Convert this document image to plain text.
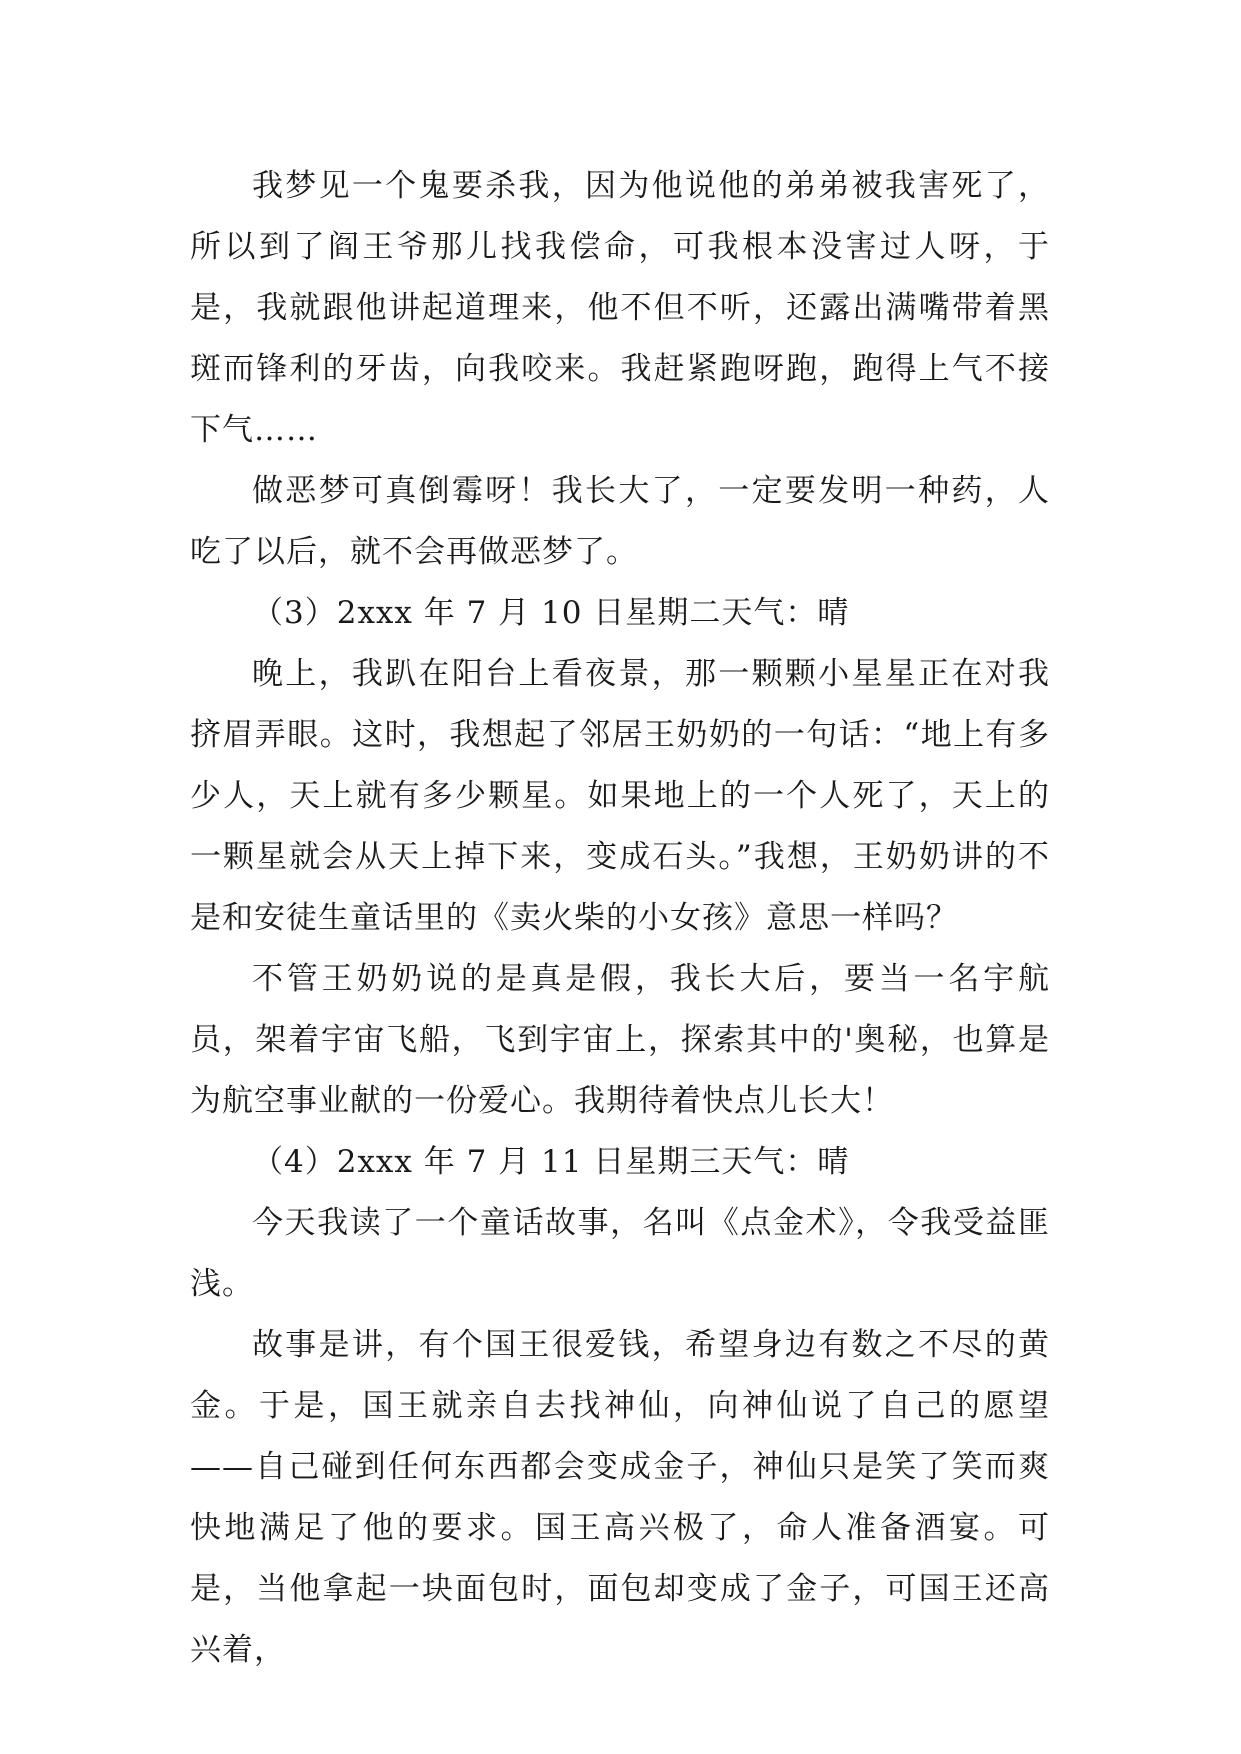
我梦见一个鬼要杀我，因为他说他的弟弟被我害死了，所以到了阎王爷那儿找我偿命，可我根本没害过人呀，于是，我就跟他讲起道理来，他不但不听，还露出满嘴带着黑斑而锋利的牙齿，向我咬来。我赶紧跑呀跑，跑得上气不接下气……

做恶梦可真倒霉呀！我长大了，一定要发明一种药，人吃了以后，就不会再做恶梦了。

（3）2xxx 年 7 月 10 日星期二天气：晴

晚上，我趴在阳台上看夜景，那一颗颗小星星正在对我挤眉弄眼。这时，我想起了邻居王奶奶的一句话：“地上有多少人，天上就有多少颗星。如果地上的一个人死了，天上的一颗星就会从天上掉下来，变成石头。”我想，王奶奶讲的不是和安徒生童话里的《卖火柴的小女孩》意思一样吗？

不管王奶奶说的是真是假，我长大后，要当一名宇航员，架着宇宙飞船，飞到宇宙上，探索其中的'奥秘，也算是为航空事业献的一份爱心。我期待着快点儿长大！

（4）2xxx 年 7 月 11 日星期三天气：晴

今天我读了一个童话故事，名叫《点金术》，令我受益匪浅。

故事是讲，有个国王很爱钱，希望身边有数之不尽的黄金。于是，国王就亲自去找神仙，向神仙说了自己的愿望——自己碰到任何东西都会变成金子，神仙只是笑了笑而爽快地满足了他的要求。国王高兴极了，命人准备酒宴。可是，当他拿起一块面包时，面包却变成了金子，可国王还高兴着，
